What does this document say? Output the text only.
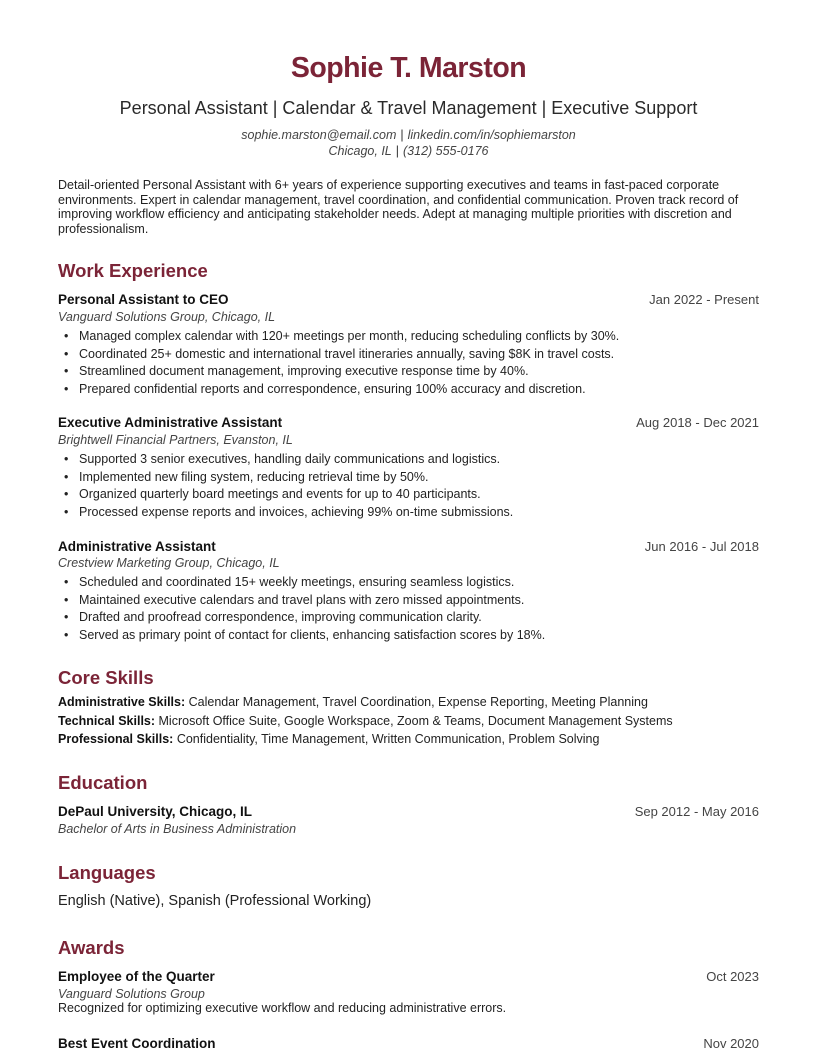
Sophie T. Marston
Personal Assistant | Calendar & Travel Management | Executive Support
sophie.marston@email.com | linkedin.com/in/sophiemarston
Chicago, IL | (312) 555-0176
Detail-oriented Personal Assistant with 6+ years of experience supporting executives and teams in fast-paced corporate environments. Expert in calendar management, travel coordination, and confidential communication. Proven track record of improving workflow efficiency and anticipating stakeholder needs. Adept at managing multiple priorities with discretion and professionalism.
Work Experience
Personal Assistant to CEO	Jan 2022 - Present
Vanguard Solutions Group, Chicago, IL
• Managed complex calendar with 120+ meetings per month, reducing scheduling conflicts by 30%.
• Coordinated 25+ domestic and international travel itineraries annually, saving $8K in travel costs.
• Streamlined document management, improving executive response time by 40%.
• Prepared confidential reports and correspondence, ensuring 100% accuracy and discretion.
Executive Administrative Assistant	Aug 2018 - Dec 2021
Brightwell Financial Partners, Evanston, IL
• Supported 3 senior executives, handling daily communications and logistics.
• Implemented new filing system, reducing retrieval time by 50%.
• Organized quarterly board meetings and events for up to 40 participants.
• Processed expense reports and invoices, achieving 99% on-time submissions.
Administrative Assistant	Jun 2016 - Jul 2018
Crestview Marketing Group, Chicago, IL
• Scheduled and coordinated 15+ weekly meetings, ensuring seamless logistics.
• Maintained executive calendars and travel plans with zero missed appointments.
• Drafted and proofread correspondence, improving communication clarity.
• Served as primary point of contact for clients, enhancing satisfaction scores by 18%.
Core Skills
Administrative Skills: Calendar Management, Travel Coordination, Expense Reporting, Meeting Planning
Technical Skills: Microsoft Office Suite, Google Workspace, Zoom & Teams, Document Management Systems
Professional Skills: Confidentiality, Time Management, Written Communication, Problem Solving
Education
DePaul University, Chicago, IL	Sep 2012 - May 2016
Bachelor of Arts in Business Administration
Languages
English (Native), Spanish (Professional Working)
Awards
Employee of the Quarter	Oct 2023
Vanguard Solutions Group
Recognized for optimizing executive workflow and reducing administrative errors.
Best Event Coordination	Nov 2020
